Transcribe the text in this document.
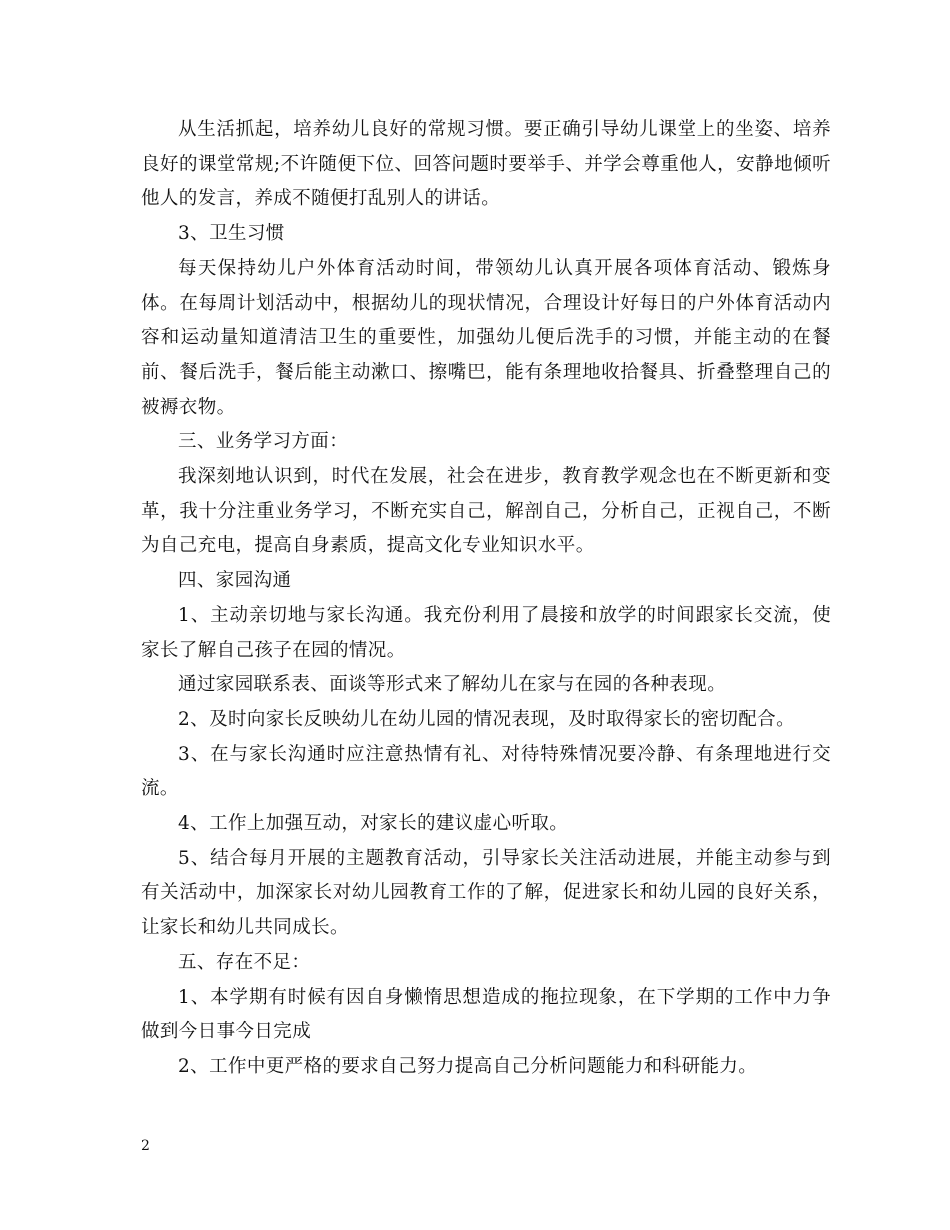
从生活抓起，培养幼儿良好的常规习惯。要正确引导幼儿课堂上的坐姿、培养良好的课堂常规;不许随便下位、回答问题时要举手、并学会尊重他人，安静地倾听他人的发言，养成不随便打乱别人的讲话。

3、卫生习惯

每天保持幼儿户外体育活动时间，带领幼儿认真开展各项体育活动、锻炼身体。在每周计划活动中，根据幼儿的现状情况，合理设计好每日的户外体育活动内容和运动量知道清洁卫生的重要性，加强幼儿便后洗手的习惯，并能主动的在餐前、餐后洗手，餐后能主动漱口、擦嘴巴，能有条理地收拾餐具、折叠整理自己的被褥衣物。

三、业务学习方面：

我深刻地认识到，时代在发展，社会在进步，教育教学观念也在不断更新和变革，我十分注重业务学习，不断充实自己，解剖自己，分析自己，正视自己，不断为自己充电，提高自身素质，提高文化专业知识水平。

四、家园沟通

1、主动亲切地与家长沟通。我充份利用了晨接和放学的时间跟家长交流，使家长了解自己孩子在园的情况。

通过家园联系表、面谈等形式来了解幼儿在家与在园的各种表现。

2、及时向家长反映幼儿在幼儿园的情况表现，及时取得家长的密切配合。

3、在与家长沟通时应注意热情有礼、对待特殊情况要冷静、有条理地进行交流。

4、工作上加强互动，对家长的建议虚心听取。

5、结合每月开展的主题教育活动，引导家长关注活动进展，并能主动参与到有关活动中，加深家长对幼儿园教育工作的了解，促进家长和幼儿园的良好关系，让家长和幼儿共同成长。

五、存在不足：

1、本学期有时候有因自身懒惰思想造成的拖拉现象，在下学期的工作中力争做到今日事今日完成

2、工作中更严格的要求自己努力提高自己分析问题能力和科研能力。

2
